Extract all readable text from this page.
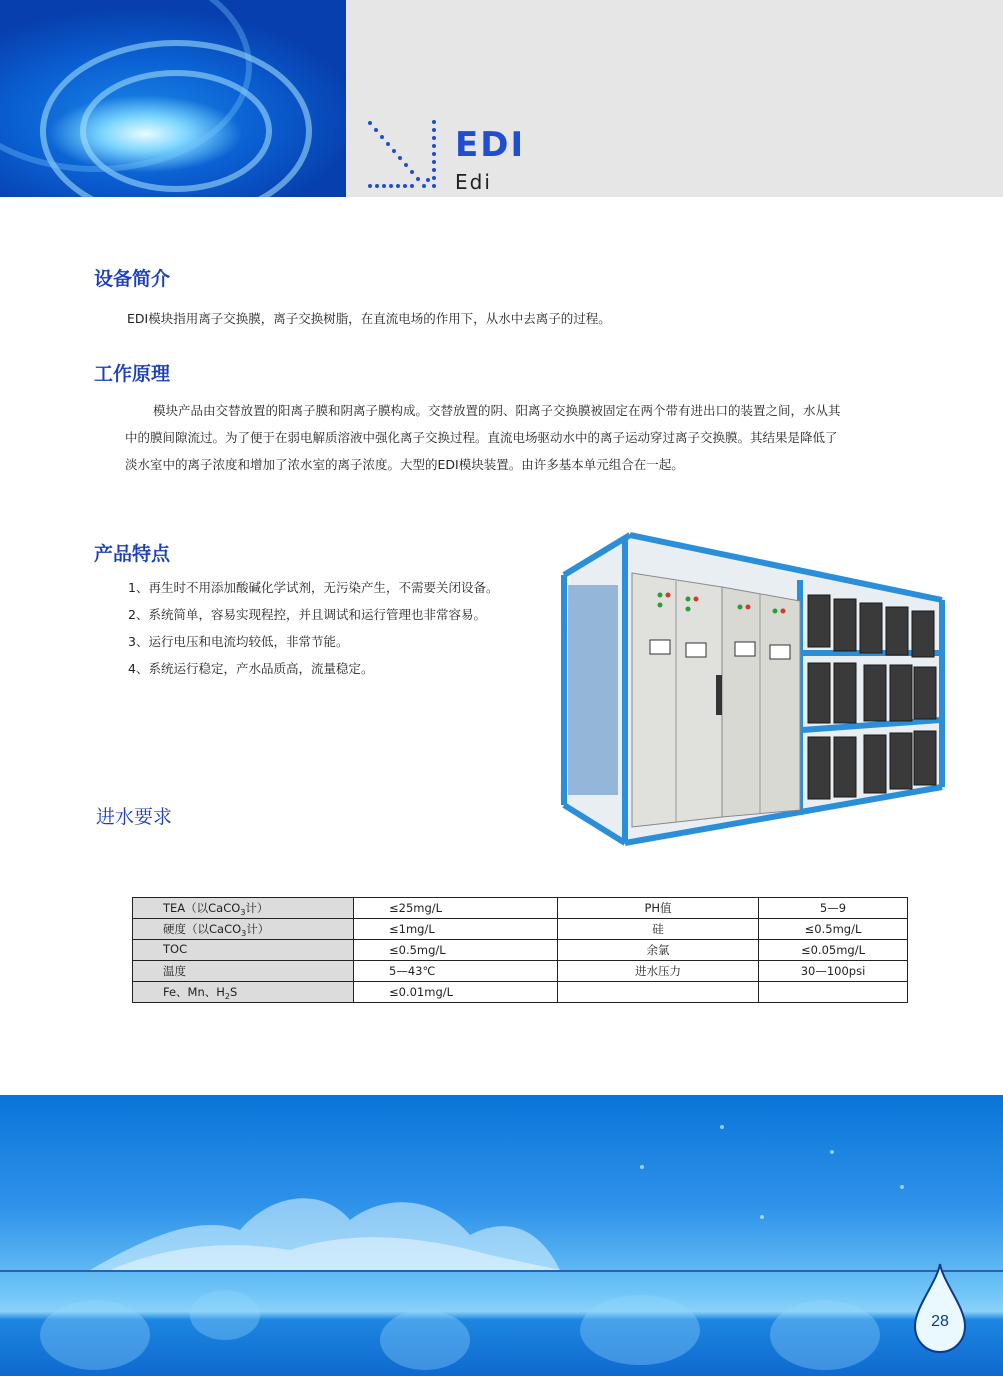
EDI
Edi
设备简介
EDI模块指用离子交换膜，离子交换树脂，在直流电场的作用下，从水中去离子的过程。
工作原理
模块产品由交替放置的阳离子膜和阴离子膜构成。交替放置的阴、阳离子交换膜被固定在两个带有进出口的装置之间，水从其
中的膜间隙流过。为了便于在弱电解质溶液中强化离子交换过程。直流电场驱动水中的离子运动穿过离子交换膜。其结果是降低了
淡水室中的离子浓度和增加了浓水室的离子浓度。大型的EDI模块装置。由许多基本单元组合在一起。
产品特点
1、再生时不用添加酸碱化学试剂，无污染产生，不需要关闭设备。
2、系统简单，容易实现程控，并且调试和运行管理也非常容易。
3、运行电压和电流均较低，非常节能。
4、系统运行稳定，产水品质高，流量稳定。
进水要求
TEA（以CaCO$_3$计）	≤25mg/L	PH值	5—9
硬度（以CaCO$_3$计）	≤1mg/L	硅	≤0.5mg/L
TOC	≤0.5mg/L	余氯	≤0.05mg/L
温度	5—43℃	进水压力	30—100psi
Fe、Mn、$H_2S$	≤0.01mg/L		
28
